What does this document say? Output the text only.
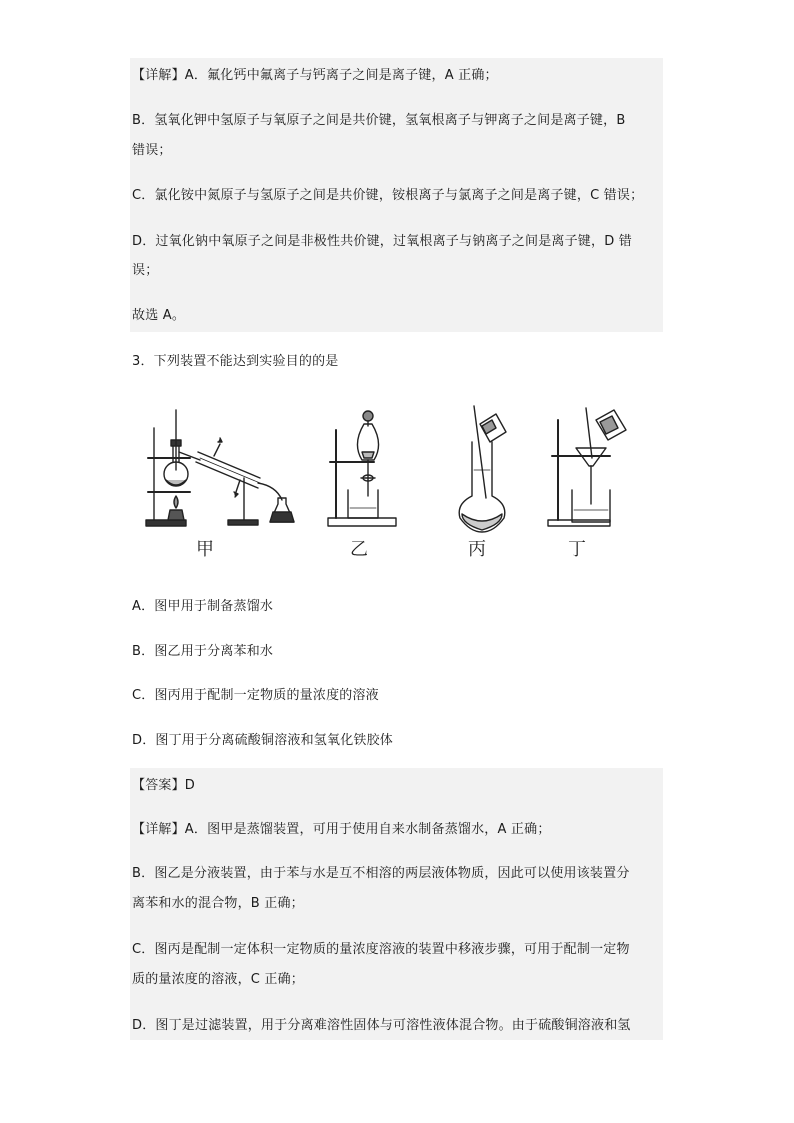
【详解】A．氟化钙中氟离子与钙离子之间是离子键，A 正确；
B．氢氧化钾中氢原子与氧原子之间是共价键，氢氧根离子与钾离子之间是离子键，B
错误；
C．氯化铵中氮原子与氢原子之间是共价键，铵根离子与氯离子之间是离子键，C 错误；
D．过氧化钠中氧原子之间是非极性共价键，过氧根离子与钠离子之间是离子键，D 错
误；
故选 A。
3．下列装置不能达到实验目的的是
甲	乙	丙	丁
A．图甲用于制备蒸馏水
B．图乙用于分离苯和水
C．图丙用于配制一定物质的量浓度的溶液
D．图丁用于分离硫酸铜溶液和氢氧化铁胶体
【答案】D
【详解】A．图甲是蒸馏装置，可用于使用自来水制备蒸馏水，A 正确；
B．图乙是分液装置，由于苯与水是互不相溶的两层液体物质，因此可以使用该装置分
离苯和水的混合物，B 正确；
C．图丙是配制一定体积一定物质的量浓度溶液的装置中移液步骤，可用于配制一定物
质的量浓度的溶液，C 正确；
D．图丁是过滤装置，用于分离难溶性固体与可溶性液体混合物。由于硫酸铜溶液和氢
